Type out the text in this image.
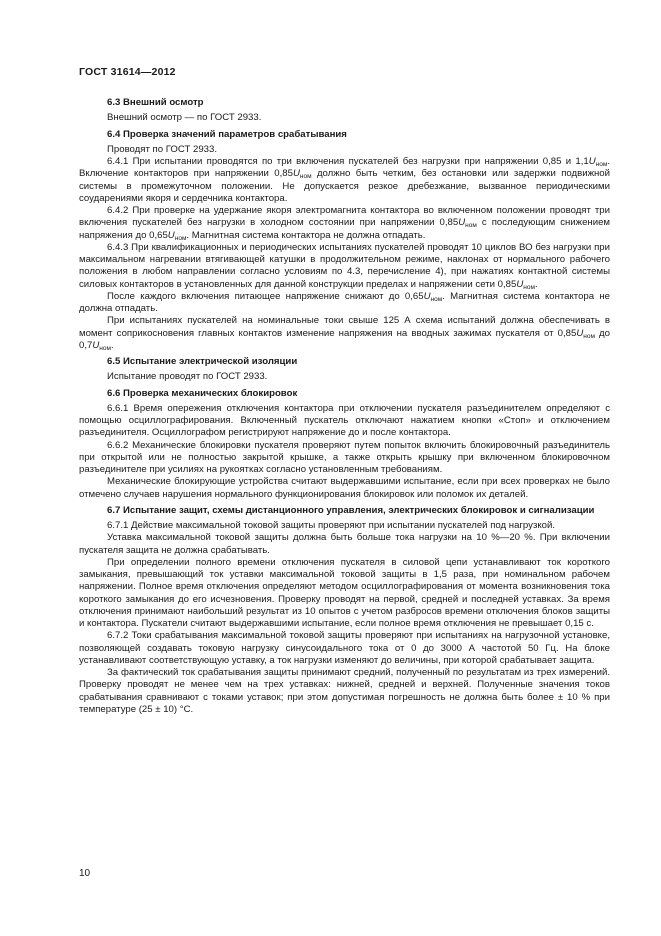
ГОСТ 31614—2012

6.3 Внешний осмотр

Внешний осмотр — по ГОСТ 2933.

6.4 Проверка значений параметров срабатывания

Проводят по ГОСТ 2933.

6.4.1 При испытании проводятся по три включения пускателей без нагрузки при напряжении 0,85 и $1,1U_{ном}$. Включение контакторов при напряжении $0,85U_{ном}$ должно быть четким, без остановки или задержки подвижной системы в промежуточном положении. Не допускается резкое дребезжание, вызванное периодическими соударениями якоря и сердечника контактора.

6.4.2 При проверке на удержание якоря электромагнита контактора во включенном положении проводят три включения пускателей без нагрузки в холодном состоянии при напряжении $0,85U_{ном}$ с последующим снижением напряжения до $0,65U_{ном}$. Магнитная система контактора не должна отпадать.

6.4.3 При квалификационных и периодических испытаниях пускателей проводят 10 циклов ВО без нагрузки при максимальном нагревании втягивающей катушки в продолжительном режиме, наклонах от нормального рабочего положения в любом направлении согласно условиям по 4.3, перечисление 4), при нажатиях контактной системы силовых контакторов в установленных для данной конструкции пределах и напряжении сети $0,85U_{ном}$.

После каждого включения питающее напряжение снижают до $0,65U_{ном}$. Магнитная система контактора не должна отпадать.

При испытаниях пускателей на номинальные токи свыше 125 А схема испытаний должна обеспечивать в момент соприкосновения главных контактов изменение напряжения на вводных зажимах пускателя от $0,85U_{ном}$ до $0,7U_{ном}$.

6.5 Испытание электрической изоляции

Испытание проводят по ГОСТ 2933.

6.6 Проверка механических блокировок

6.6.1 Время опережения отключения контактора при отключении пускателя разъединителем определяют с помощью осциллографирования. Включенный пускатель отключают нажатием кнопки «Стоп» и отключением разъединителя. Осциллографом регистрируют напряжение до и после контактора.

6.6.2 Механические блокировки пускателя проверяют путем попыток включить блокировочный разъединитель при открытой или не полностью закрытой крышке, а также открыть крышку при включенном блокировочном разъединителе при усилиях на рукоятках согласно установленным требованиям.

Механические блокирующие устройства считают выдержавшими испытание, если при всех проверках не было отмечено случаев нарушения нормального функционирования блокировок или поломок их деталей.

6.7 Испытание защит, схемы дистанционного управления, электрических блокировок и сигнализации

6.7.1 Действие максимальной токовой защиты проверяют при испытании пускателей под нагрузкой.

Уставка максимальной токовой защиты должна быть больше тока нагрузки на 10 %—20 %. При включении пускателя защита не должна срабатывать.

При определении полного времени отключения пускателя в силовой цепи устанавливают ток короткого замыкания, превышающий ток уставки максимальной токовой защиты в 1,5 раза, при номинальном рабочем напряжении. Полное время отключения определяют методом осциллографирования от момента возникновения тока короткого замыкания до его исчезновения. Проверку проводят на первой, средней и последней уставках. За время отключения принимают наибольший результат из 10 опытов с учетом разбросов времени отключения блоков защиты и контактора. Пускатели считают выдержавшими испытание, если полное время отключения не превышает 0,15 с.

6.7.2 Токи срабатывания максимальной токовой защиты проверяют при испытаниях на нагрузочной установке, позволяющей создавать токовую нагрузку синусоидального тока от 0 до 3000 А частотой 50 Гц. На блоке устанавливают соответствующую уставку, а ток нагрузки изменяют до величины, при которой срабатывает защита.

За фактический ток срабатывания защиты принимают средний, полученный по результатам из трех измерений. Проверку проводят не менее чем на трех уставках: нижней, средней и верхней. Полученные значения токов срабатывания сравнивают с токами уставок; при этом допустимая погрешность не должна быть более ± 10 % при температуре (25 ± 10) °С.

10
